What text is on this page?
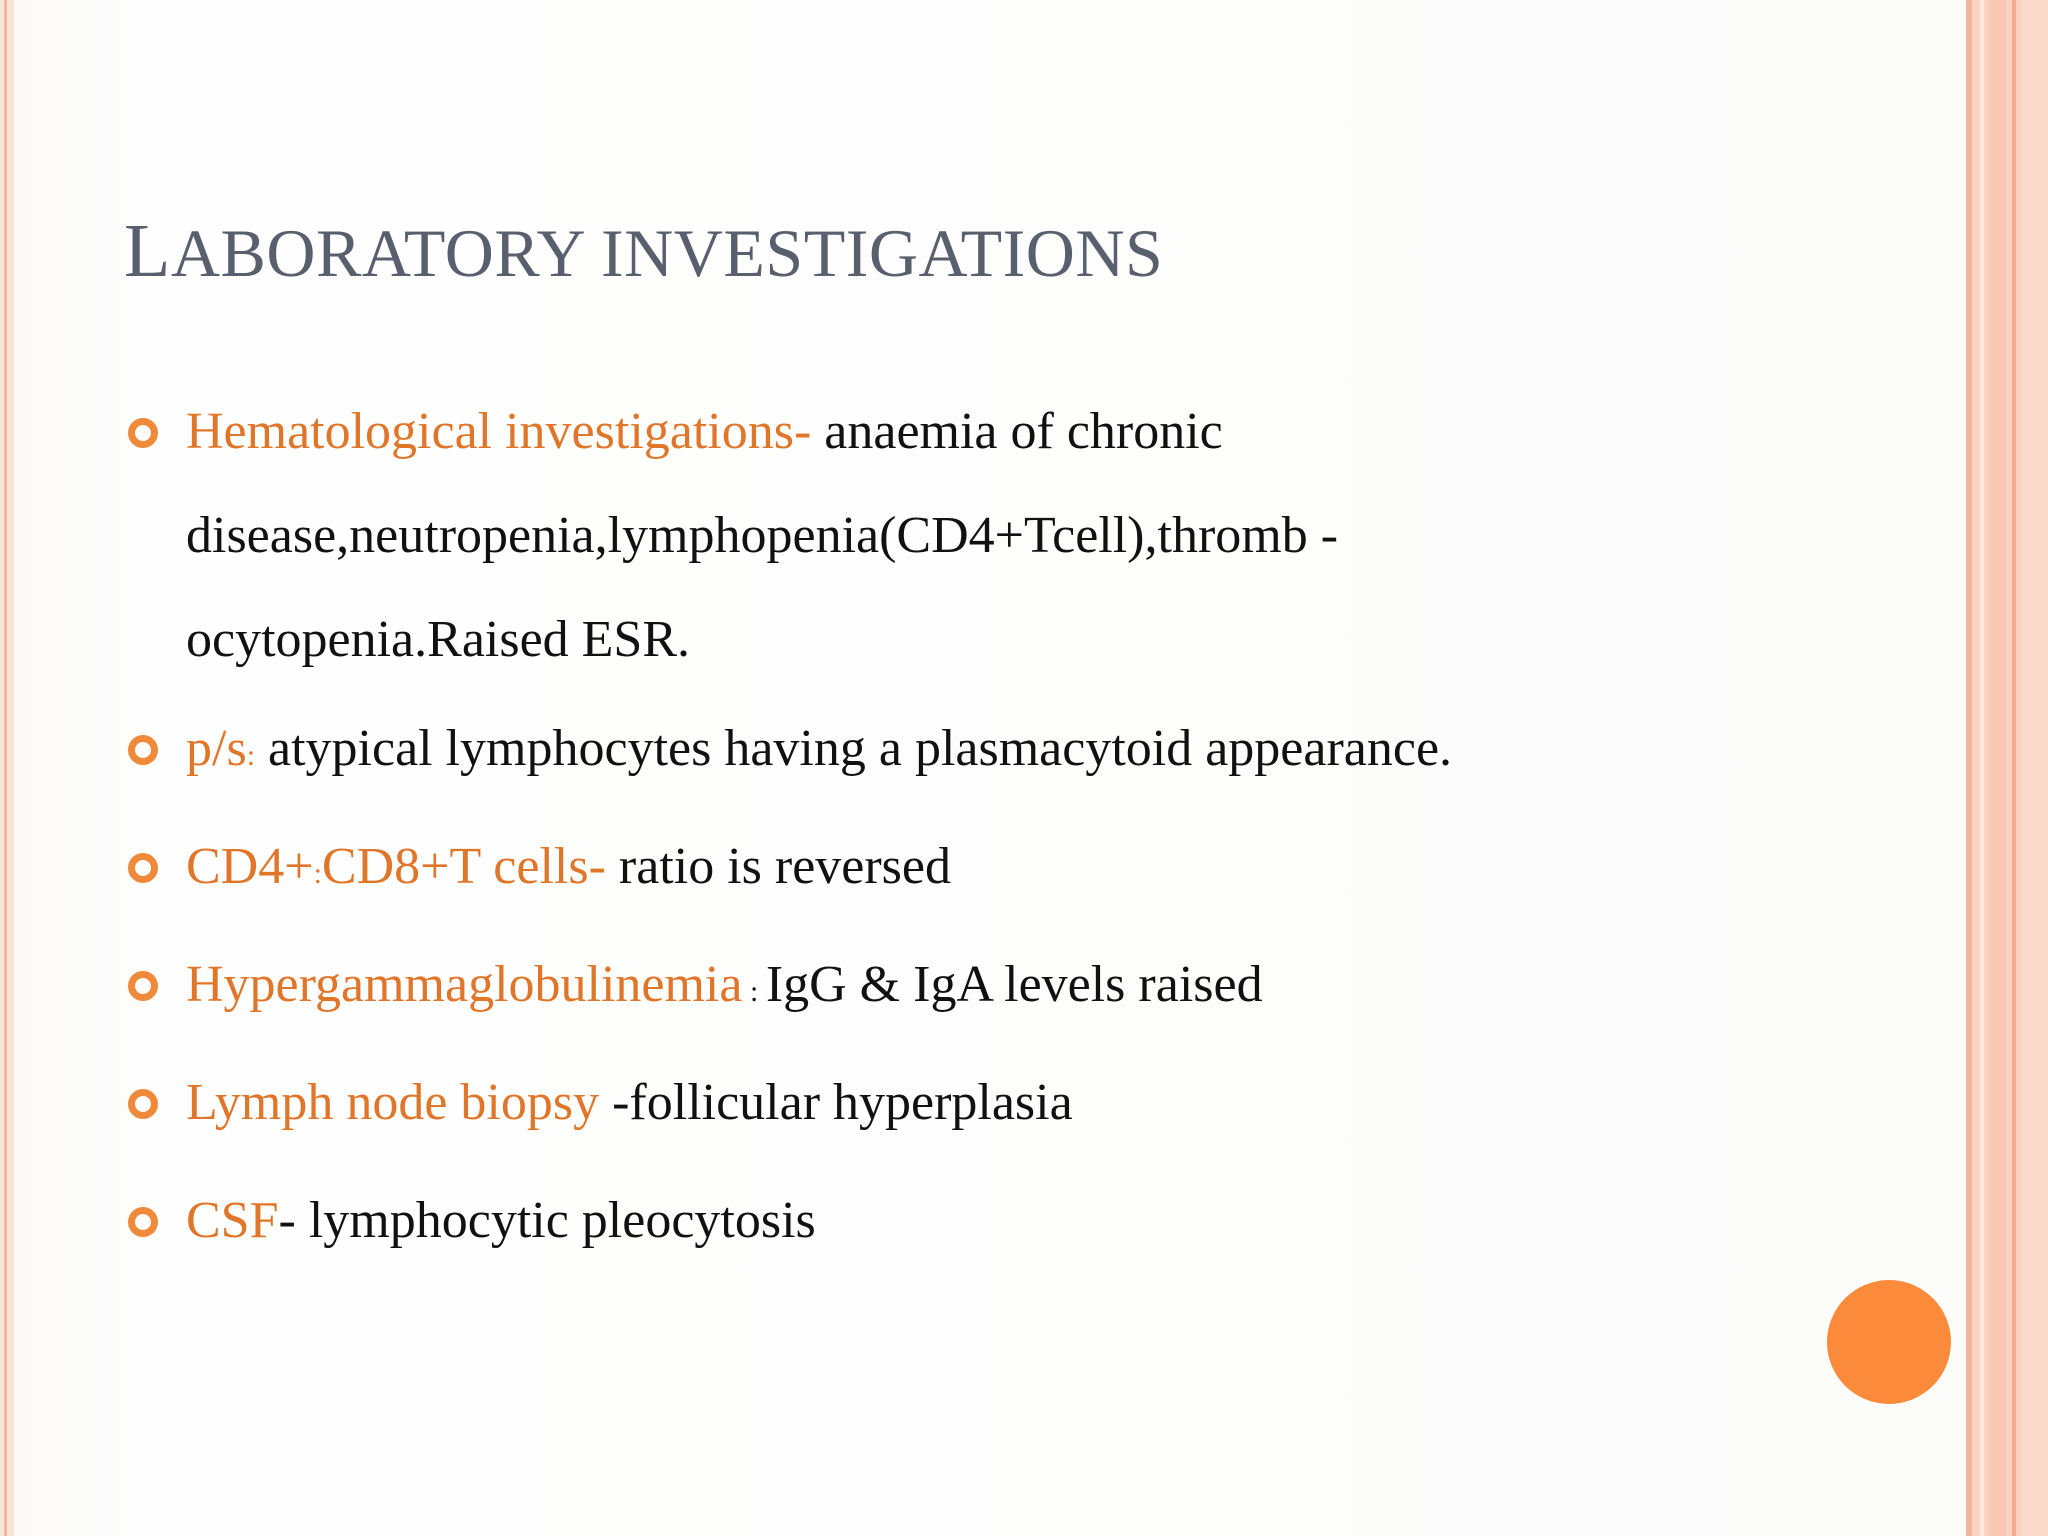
LABORATORY INVESTIGATIONS
Hematological investigations- anaemia of chronic
disease,neutropenia,lymphopenia(CD4+Tcell),thromb -
ocytopenia.Raised ESR.
p/s: atypical lymphocytes having a plasmacytoid appearance.
CD4+:CD8+T cells- ratio is reversed
Hypergammaglobulinemia : IgG & IgA levels raised
Lymph node biopsy -follicular hyperplasia
CSF- lymphocytic pleocytosis
